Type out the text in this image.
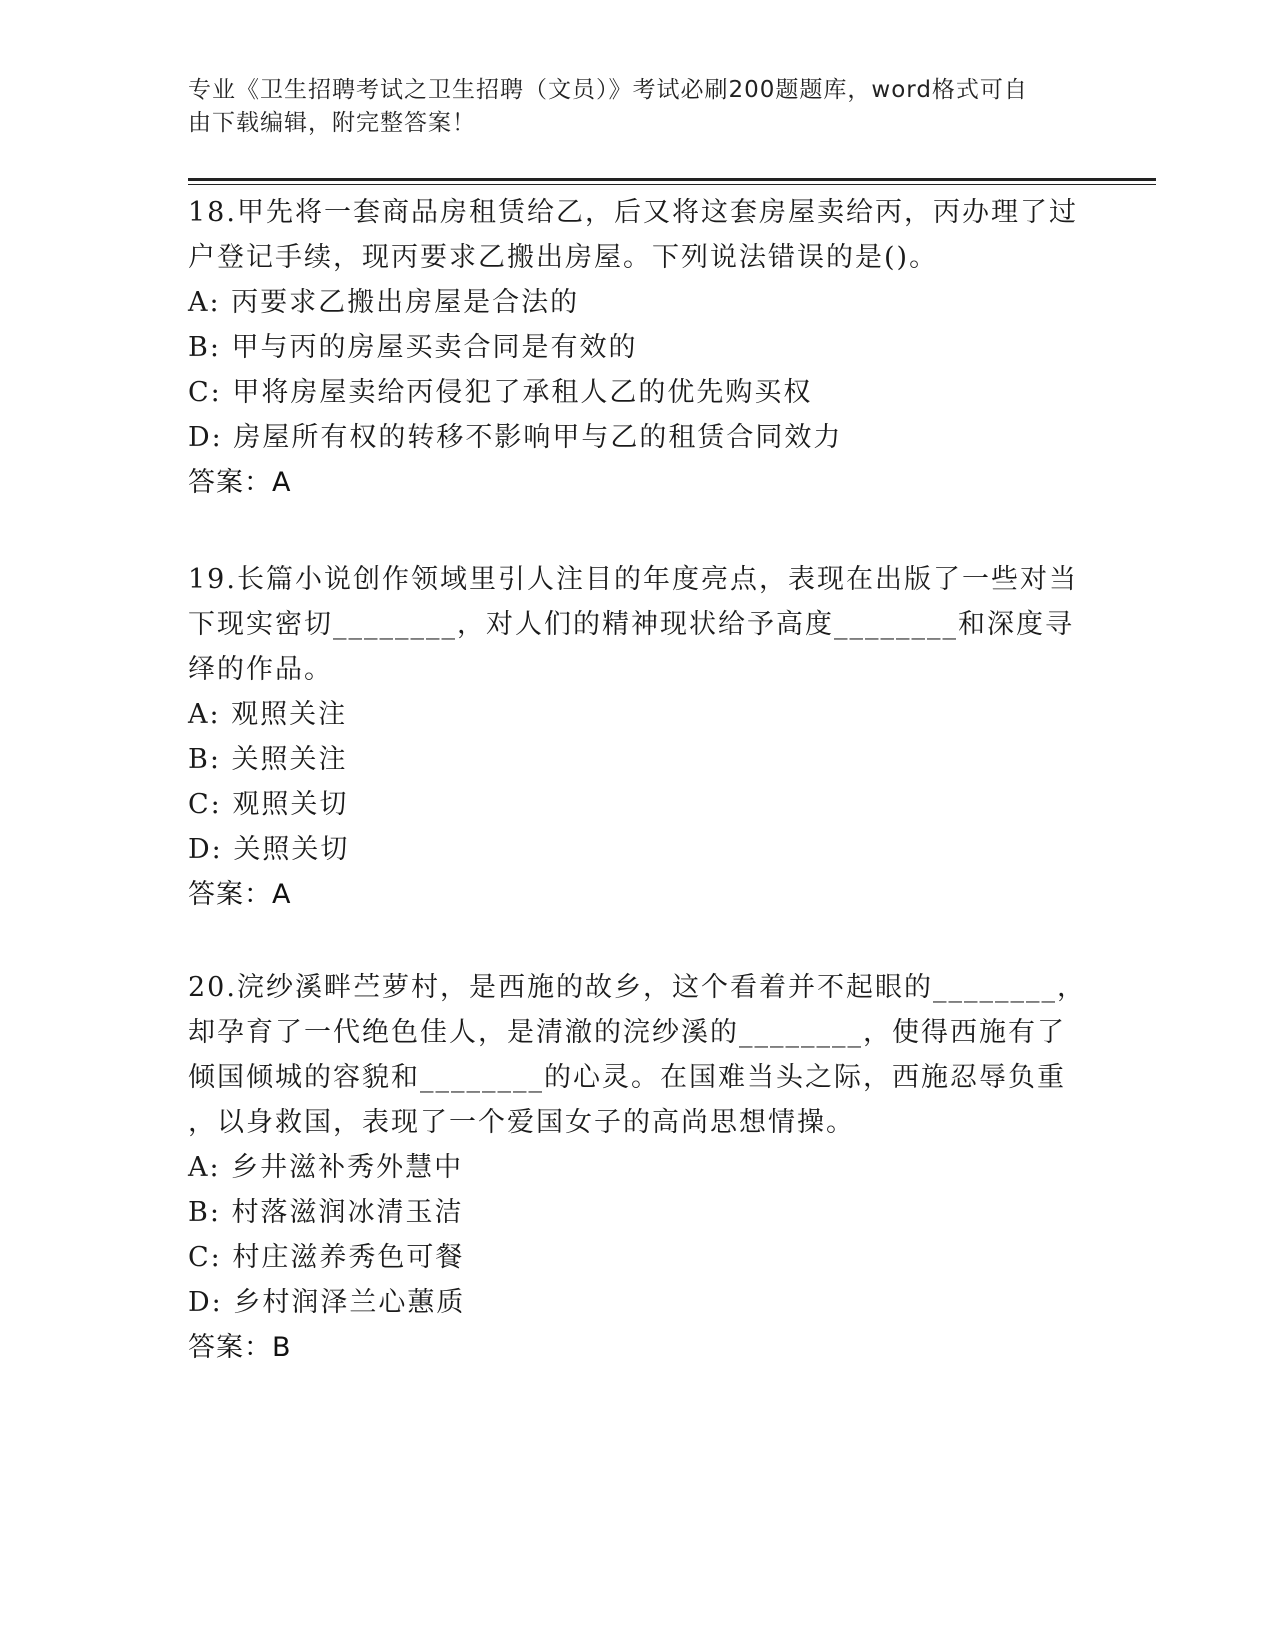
专业《卫生招聘考试之卫生招聘（文员）》考试必刷200题题库，word格式可自
由下载编辑，附完整答案！

18.甲先将一套商品房租赁给乙，后又将这套房屋卖给丙，丙办理了过

户登记手续，现丙要求乙搬出房屋。下列说法错误的是()。

A: 丙要求乙搬出房屋是合法的

B: 甲与丙的房屋买卖合同是有效的

C: 甲将房屋卖给丙侵犯了承租人乙的优先购买权

D: 房屋所有权的转移不影响甲与乙的租赁合同效力

答案：A

19.长篇小说创作领域里引人注目的年度亮点，表现在出版了一些对当

下现实密切________，对人们的精神现状给予高度________和深度寻

绎的作品。

A: 观照关注

B: 关照关注

C: 观照关切

D: 关照关切

答案：A

20.浣纱溪畔苎萝村，是西施的故乡，这个看着并不起眼的________，

却孕育了一代绝色佳人，是清澈的浣纱溪的________，使得西施有了

倾国倾城的容貌和________的心灵。在国难当头之际，西施忍辱负重

，以身救国，表现了一个爱国女子的高尚思想情操。

A: 乡井滋补秀外慧中

B: 村落滋润冰清玉洁

C: 村庄滋养秀色可餐

D: 乡村润泽兰心蕙质

答案：B
